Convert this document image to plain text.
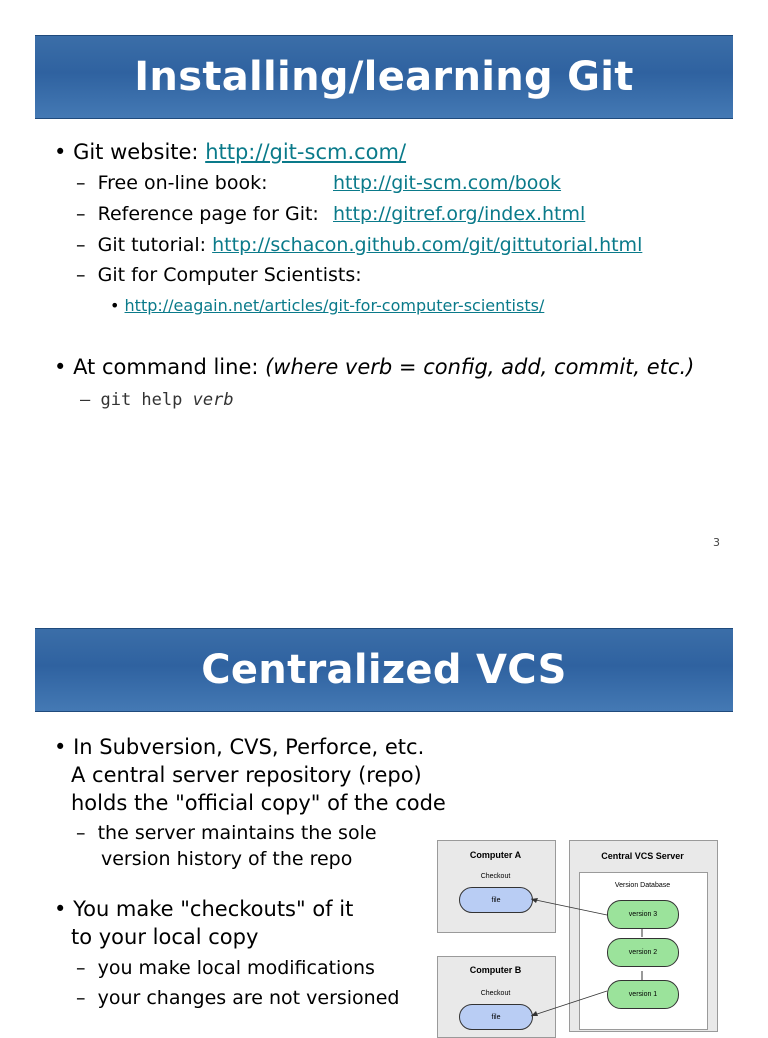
Installing/learning Git
• Git website: http://git-scm.com/
–  Free on-line book:	http://git-scm.com/book
–  Reference page for Git: http://gitref.org/index.html
–  Git tutorial: http://schacon.github.com/git/gittutorial.html
–  Git for Computer Scientists:
• http://eagain.net/articles/git-for-computer-scientists/
• At command line: (where verb = config, add, commit, etc.)
– git help verb
3
Centralized VCS
• In Subversion, CVS, Perforce, etc.
A central server repository (repo)
holds the "official copy" of the code
–  the server maintains the sole
version history of the repo
• You make "checkouts" of it
to your local copy
–  you make local modifications
–  your changes are not versioned
Computer A
Checkout
file
Computer B
Checkout
file
Central VCS Server
Version Database
version 3
version 2
version 1
